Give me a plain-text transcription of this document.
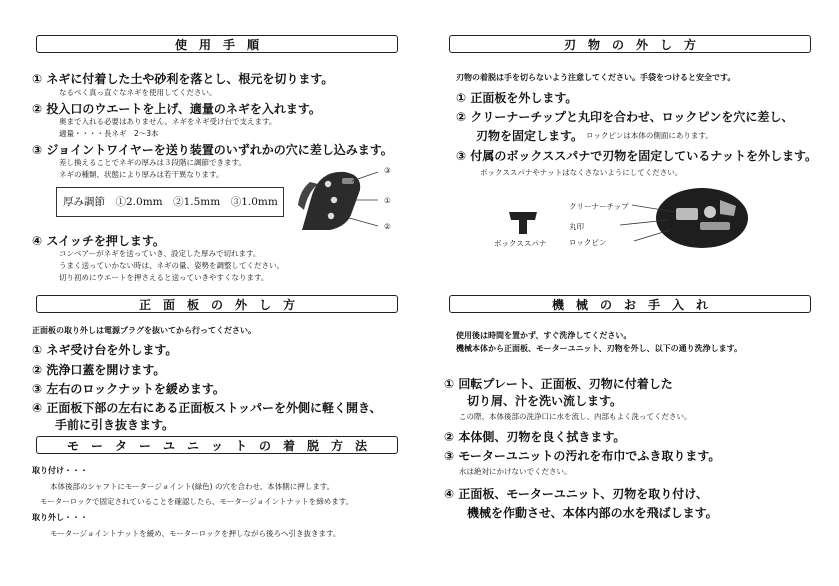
使　用　手　順
① ネギに付着した土や砂利を落とし、根元を切ります。
なるべく真っ直ぐなネギを使用してください。
② 投入口のウエートを上げ、適量のネギを入れます。
奥まで入れる必要はありません。ネギをネギ受け台で支えます。
適量・・・・長ネギ　2～3本
③ ジョイントワイヤーを送り装置のいずれかの穴に差し込みます。
差し換えることでネギの厚みは３段階に調節できます。
ネギの種類、状態により厚みは若干異なります。
厚み調節　①2.0mm　②1.5mm　③1.0mm
③
①
②
④ スイッチを押します。
コンベアーがネギを送っていき、設定した厚みで切れます。
うまく送っていかない時は、ネギの量、姿勢を調整してください。
切り初めにウエートを押さえると送っていきやすくなります。
正　面　板　の　外　し　方
正面板の取り外しは電源プラグを抜いてから行ってください。
① ネギ受け台を外します。
② 洗浄口蓋を開けます。
③ 左右のロックナットを緩めます。
④ 正面板下部の左右にある正面板ストッパーを外側に軽く開き、
手前に引き抜きます。
モ　ー　タ　ー　ユ　ニ　ッ　ト　の　着　脱　方　法
取り付け・・・
本体後部のシャフトにモータージョイント(緑色) の穴を合わせ、本体側に押します。
モーターロックで固定されていることを確認したら、モータージョイントナットを締めます。
取り外し・・・
モータージョイントナットを緩め、モーターロックを押しながら後ろへ引き抜きます。
刃　物　の　外　し　方
刃物の着脱は手を切らないよう注意してください。手袋をつけると安全です。
① 正面板を外します。
② クリーナーチップと丸印を合わせ、ロックピンを穴に差し、
刃物を固定します。 ロックピンは本体の側面にあります。
③ 付属のボックススパナで刃物を固定しているナットを外します。
ボックススパナやナットはなくさないようにしてください。
ボックススパナ
クリーナーチップ
丸印
ロックピン
機　械　の　お　手　入　れ
使用後は時間を置かず、すぐ洗浄してください。
機械本体から正面板、モーターユニット、刃物を外し、以下の通り洗浄します。
① 回転プレート、正面板、刃物に付着した
切り屑、汁を洗い流します。
この際、本体後部の洗浄口に水を流し、内部もよく洗ってください。
② 本体側、刃物を良く拭きます。
③ モーターユニットの汚れを布巾でふき取ります。
水は絶対にかけないでください。
④ 正面板、モーターユニット、刃物を取り付け、
機械を作動させ、本体内部の水を飛ばします。
